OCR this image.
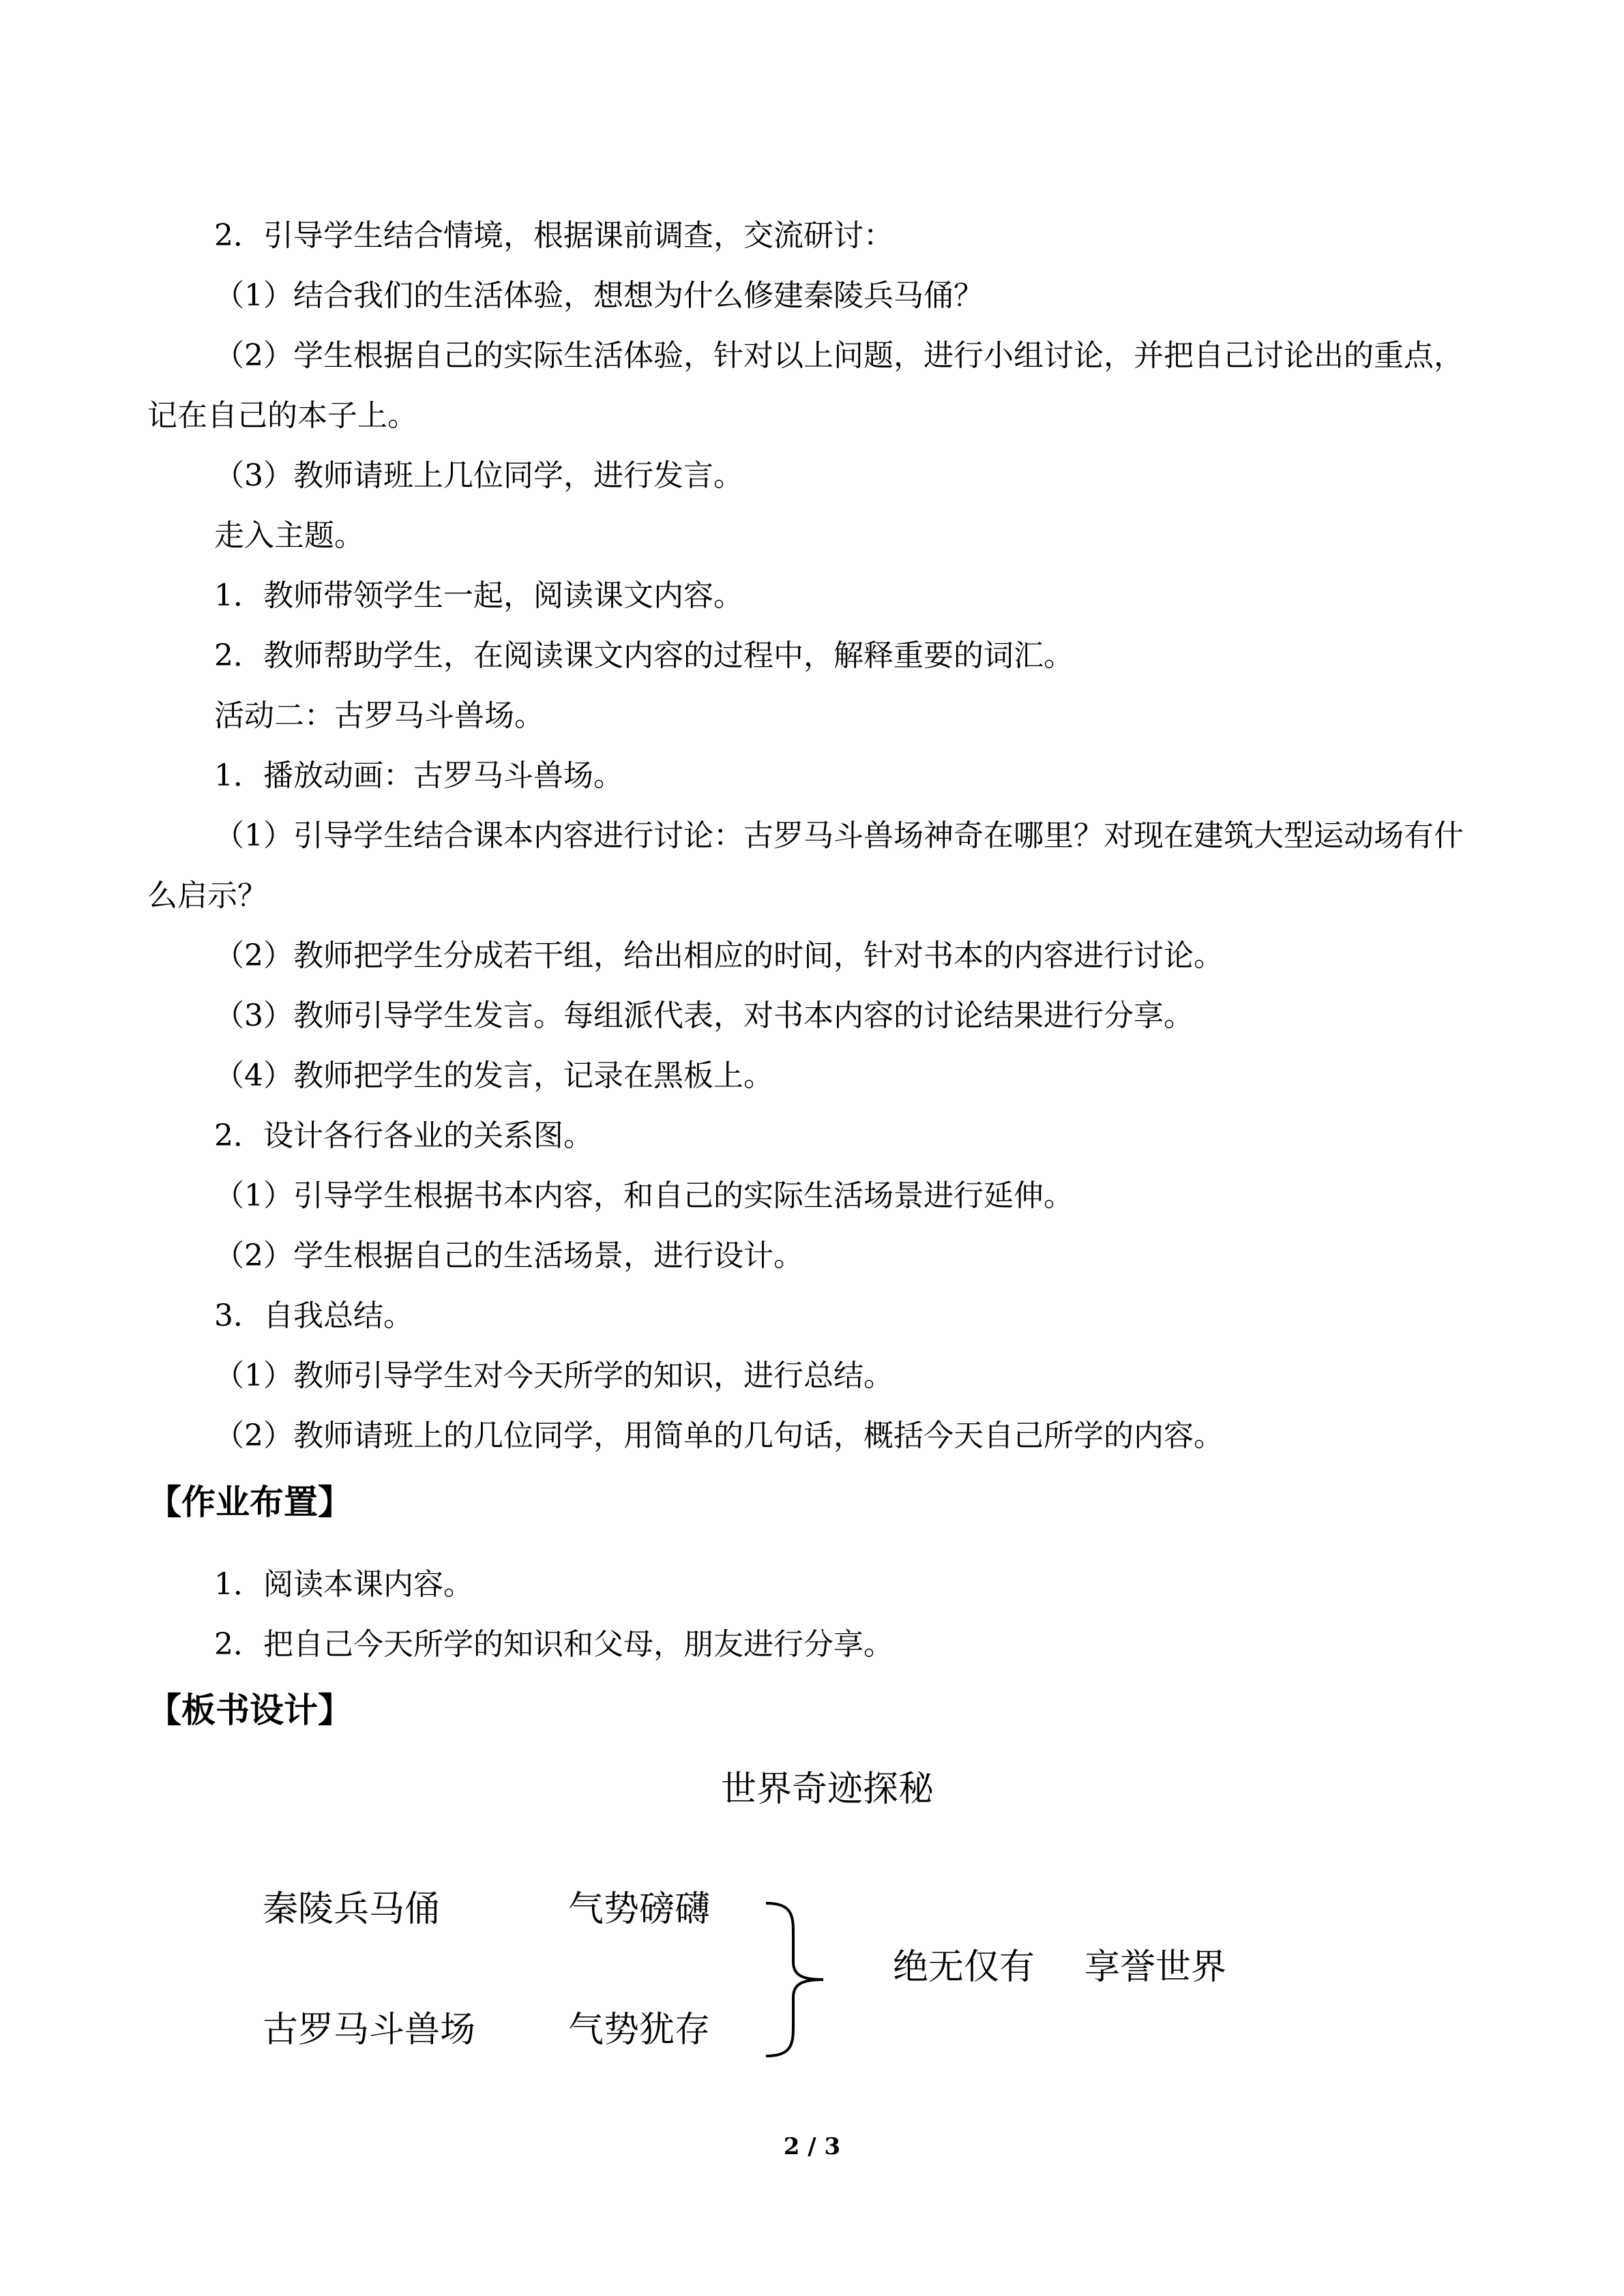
2．引导学生结合情境，根据课前调查，交流研讨：

（1）结合我们的生活体验，想想为什么修建秦陵兵马俑？

（2）学生根据自己的实际生活体验，针对以上问题，进行小组讨论，并把自己讨论出的重点，记在自己的本子上。

（3）教师请班上几位同学，进行发言。

走入主题。

1．教师带领学生一起，阅读课文内容。

2．教师帮助学生，在阅读课文内容的过程中，解释重要的词汇。

活动二：古罗马斗兽场。

1．播放动画：古罗马斗兽场。

（1）引导学生结合课本内容进行讨论：古罗马斗兽场神奇在哪里？对现在建筑大型运动场有什么启示？

（2）教师把学生分成若干组，给出相应的时间，针对书本的内容进行讨论。

（3）教师引导学生发言。每组派代表，对书本内容的讨论结果进行分享。

（4）教师把学生的发言，记录在黑板上。

2．设计各行各业的关系图。

（1）引导学生根据书本内容，和自己的实际生活场景进行延伸。

（2）学生根据自己的生活场景，进行设计。

3．自我总结。

（1）教师引导学生对今天所学的知识，进行总结。

（2）教师请班上的几位同学，用简单的几句话，概括今天自己所学的内容。

【作业布置】

1．阅读本课内容。

2．把自己今天所学的知识和父母，朋友进行分享。

【板书设计】
世界奇迹探秘
秦陵兵马俑	气势磅礴
古罗马斗兽场	气势犹存
绝无仅有 享誉世界
2 / 3
